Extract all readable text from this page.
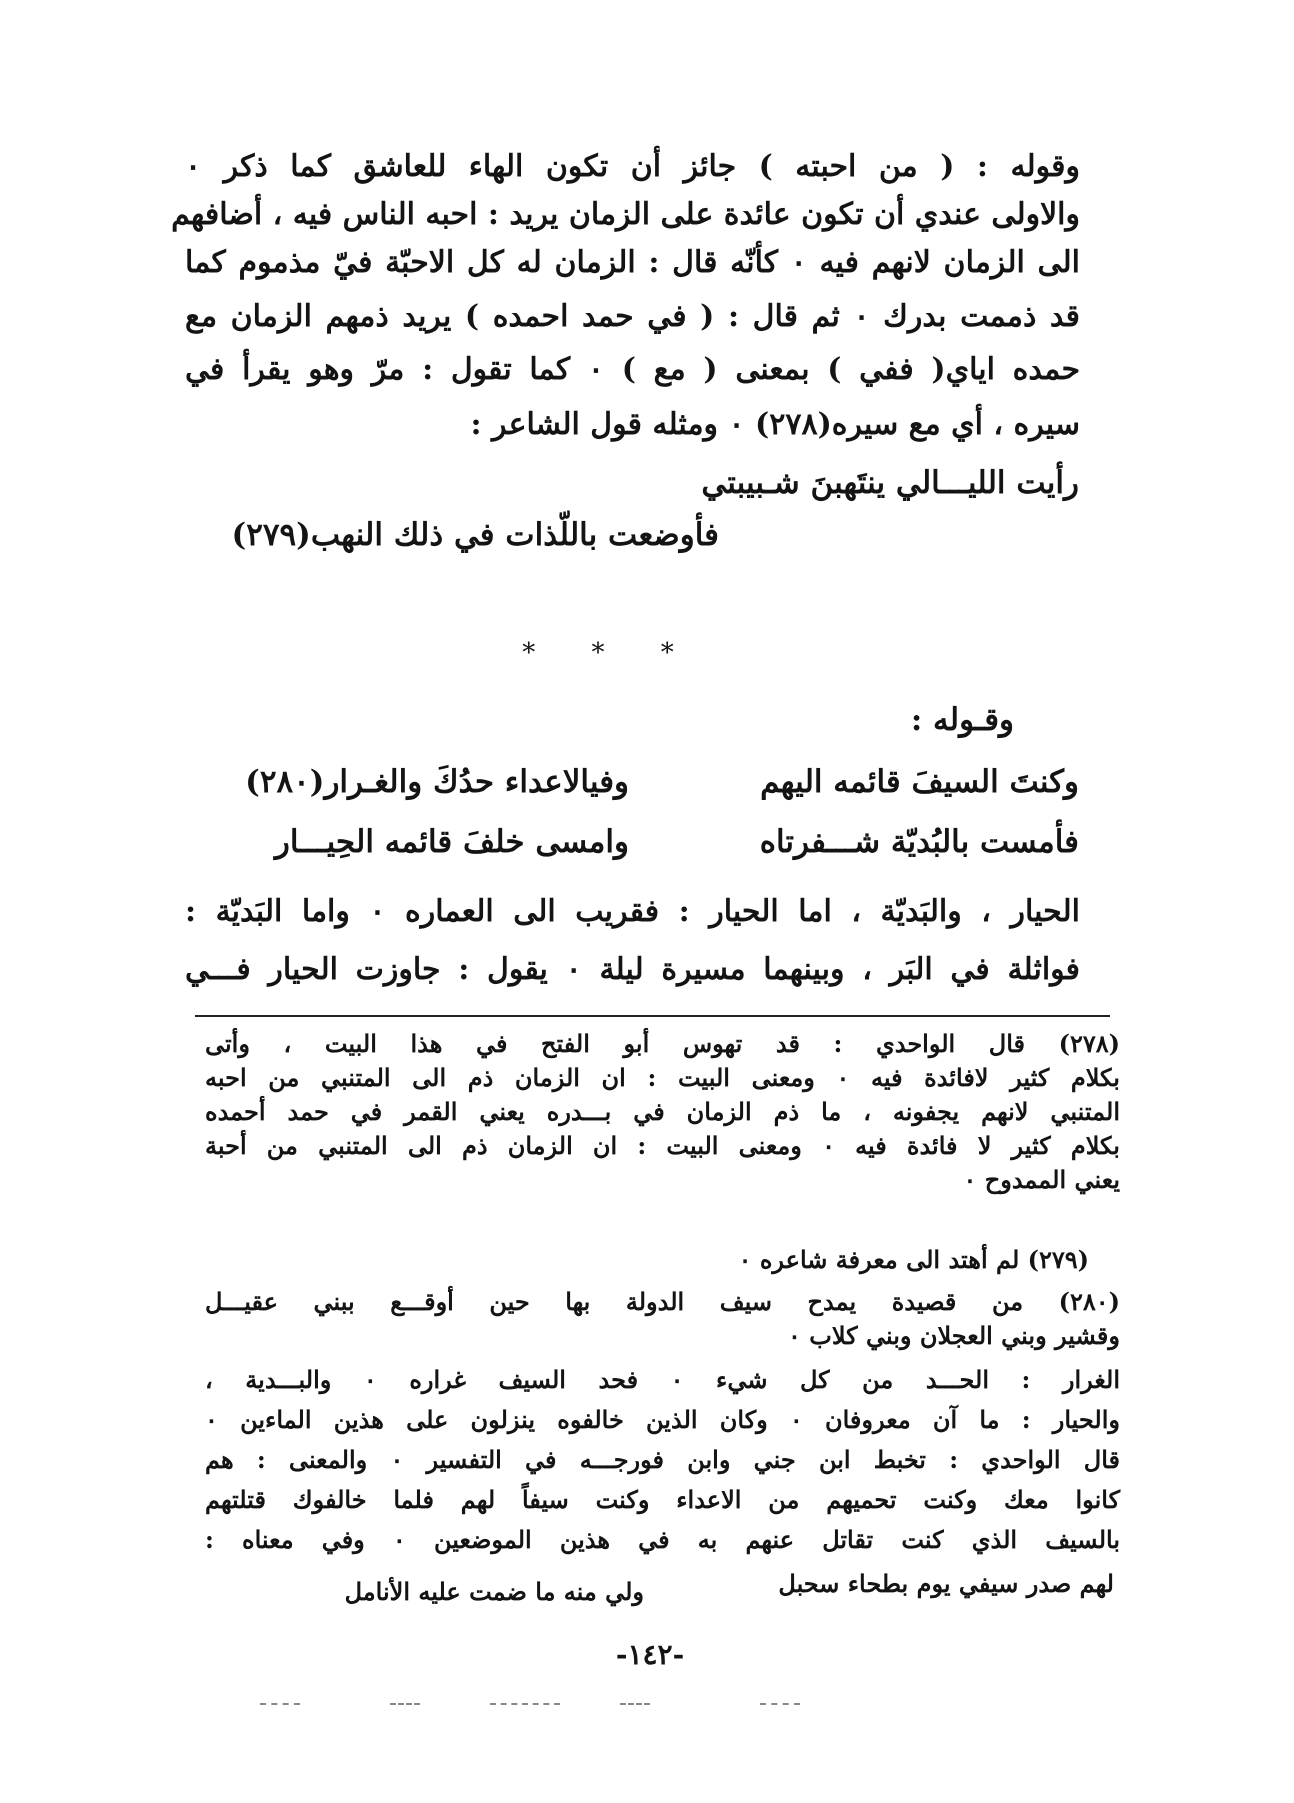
وقوله : ( من احبته ) جائز أن تكون الهاء للعاشق كما ذكر ٠
والاولى عندي أن تكون عائدة على الزمان يريد : احبه الناس فيه ، أضافهم
الى الزمان لانهم فيه ٠ كأنّه قال : الزمان له كل الاحبّة فيّ مذموم كما
قد ذممت بدرك ٠ ثم قال : ( في حمد احمده ) يريد ذمهم الزمان مع
حمده اياي( ففي ) بمعنى ( مع ) ٠ كما تقول : مرّ وهو يقرأ في
سيره ، أي مع سيره(٢٧٨) ٠ ومثله قول الشاعر :
رأيت الليـــالي ينتَهبنَ شـبيبتي
فأوضعت باللّذات في ذلك النهب(٢٧٩)
* * *
وقـوله :
وكنتَ السيفَ قائمه اليهم
وفيالاعداء حدُكَ والغـرار(٢٨٠)
فأمست بالبُديّة شـــفرتاه
وامسى خلفَ قائمه الحِيـــار
الحيار ، والبَديّة ، اما الحيار : فقريب الى العماره ٠ واما البَديّة :
فواثلة في البَر ، وبينهما مسيرة ليلة ٠ يقول : جاوزت الحيار فـــي
(٢٧٨) قال الواحدي : قد تهوس أبو الفتح في هذا البيت ، وأتى
بكلام كثير لافائدة فيه ٠ ومعنى البيت : ان الزمان ذم الى المتنبي من احبه
المتنبي لانهم يجفونه ، ما ذم الزمان في بـــدره يعني القمر في حمد أحمده
بكلام كثير لا فائدة فيه ٠ ومعنى البيت : ان الزمان ذم الى المتنبي من أحبة
يعني الممدوح ٠
(٢٧٩) لم أهتد الى معرفة شاعره ٠
(٢٨٠) من قصيدة يمدح سيف الدولة بها حين أوقـــع ببني عقيـــل
وقشير وبني العجلان وبني كلاب ٠
الغرار : الحـــد من كل شيء ٠ فحد السيف غراره ٠ والبـــدية ،
والحيار : ما آن معروفان ٠ وكان الذين خالفوه ينزلون على هذين الماءين ٠
قال الواحدي : تخبط ابن جني وابن فورجـــه في التفسير ٠ والمعنى : هم
كانوا معك وكنت تحميهم من الاعداء وكنت سيفاً لهم فلما خالفوك قتلتهم
بالسيف الذي كنت تقاتل عنهم به في هذين الموضعين ٠ وفي معناه :
لهم صدر سيفي يوم بطحاء سحبل
ولي منه ما ضمت عليه الأنامل
-١٤٢-
